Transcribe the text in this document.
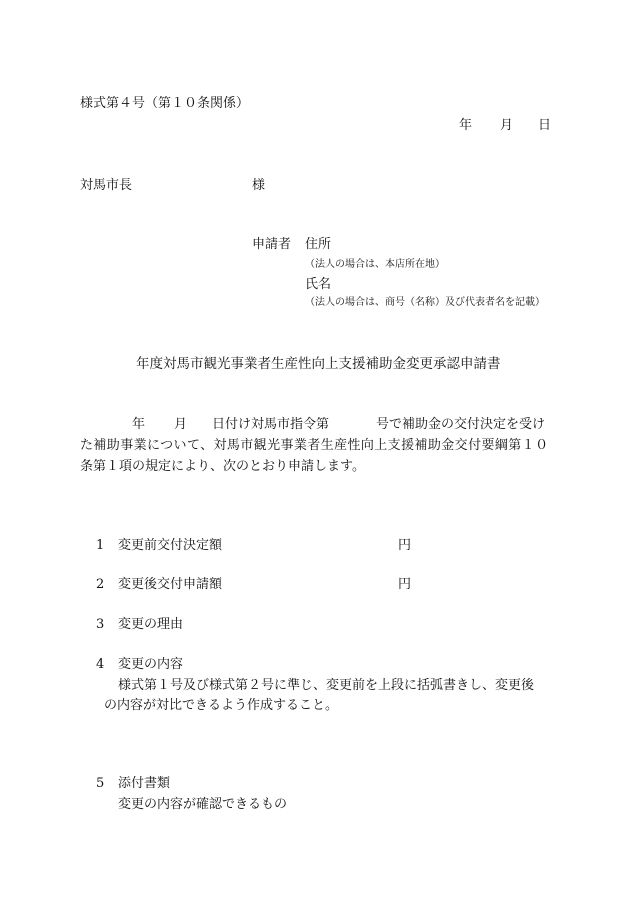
様式第４号（第１０条関係）
年 月 日
対馬市長	様
申請者 住所
（法人の場合は、本店所在地）
氏名
（法人の場合は、商号（名称）及び代表者名を記載）
年度対馬市観光事業者生産性向上支援補助金変更承認申請書
年 月 日付け対馬市指令第	号で補助金の交付決定を受け
た補助事業について、対馬市観光事業者生産性向上支援補助金交付要綱第１０
条第１項の規定により、次のとおり申請します。
1 変更前交付決定額	円
2 変更後交付申請額	円
3 変更の理由
4 変更の内容
様式第１号及び様式第２号に準じ、変更前を上段に括弧書きし、変更後
の内容が対比できるよう作成すること。
5 添付書類
変更の内容が確認できるもの
